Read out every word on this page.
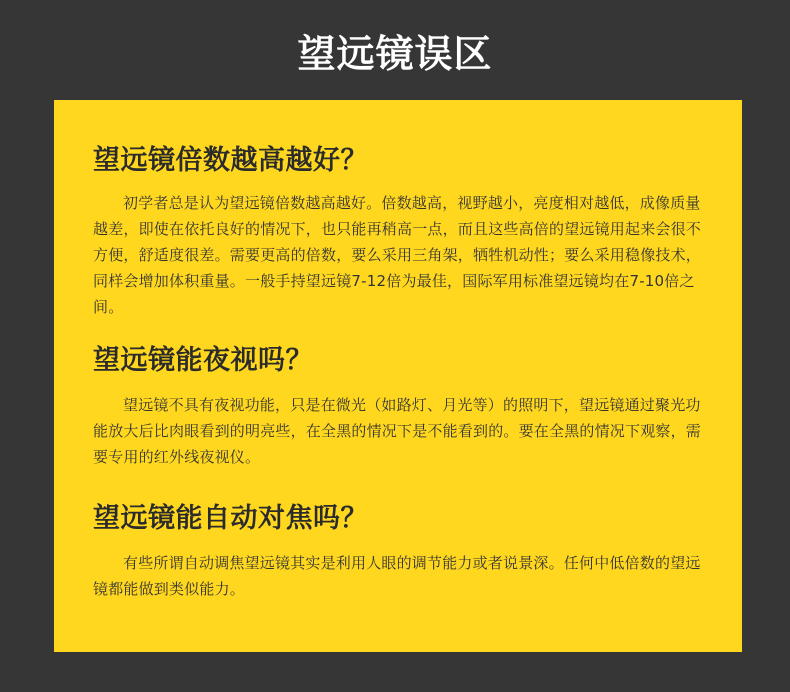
望远镜误区
望远镜倍数越高越好？

初学者总是认为望远镜倍数越高越好。倍数越高，视野越小，亮度相对越低，成像质量越差，即使在依托良好的情况下，也只能再稍高一点，而且这些高倍的望远镜用起来会很不方便，舒适度很差。需要更高的倍数，要么采用三角架，牺牲机动性；要么采用稳像技术，同样会增加体积重量。一般手持望远镜7-12倍为最佳，国际军用标准望远镜均在7-10倍之间。

望远镜能夜视吗？

望远镜不具有夜视功能，只是在微光（如路灯、月光等）的照明下，望远镜通过聚光功能放大后比肉眼看到的明亮些，在全黑的情况下是不能看到的。要在全黑的情况下观察，需要专用的红外线夜视仪。

望远镜能自动对焦吗？

有些所谓自动调焦望远镜其实是利用人眼的调节能力或者说景深。任何中低倍数的望远镜都能做到类似能力。
